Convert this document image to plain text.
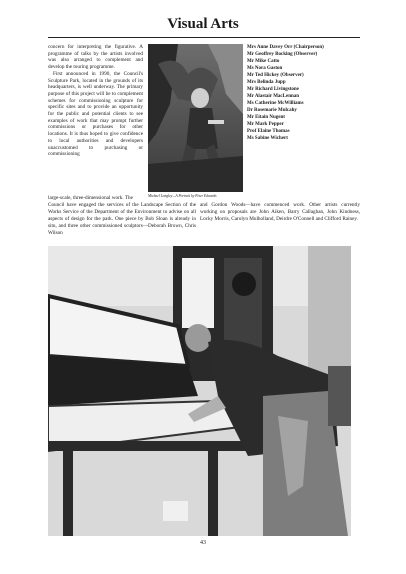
Visual Arts

concern for interpreting the figurative. A programme of talks by the artists involved was also arranged to complement and develop the touring programme.

First announced in 1990, the Council's Sculpture Park, located in the grounds of its headquarters, is well underway. The primary purpose of this project will be to complement schemes for commissioning sculpture for specific sites and to provide an opportunity for the public and potential clients to see examples of work that may prompt further commissions or purchases for other locations. It is thus hoped to give confidence to local authorities and developers unaccustomed to purchasing or commissioning

Michael Longley—A Portrait by Peter Edwards
Mrs Anne Davey Orr (Chairperson)
Mr Geoffrey Bocking (Observer)
Mr Mike Catto
Ms Nora Gaston
Mr Ted Hickey (Observer)
Mrs Belinda Jupp
Mr Richard Livingstone
Mr Alastair MacLennan
Ms Catherine McWilliams
Dr Rosemarie Mulcahy
Mr Eitain Nugent
Mr Mark Pepper
Prof Elaine Thomas
Ms Sabine Wichert
large-scale, three-dimensional work. The
Council have engaged the services of the Landscape Section of the Works Service of the Department of the Environment to advise on all aspects of design for the park. One piece by Bob Sloan is already in situ, and three other commissioned sculptors—Deborah Brown, Chris Wilson
and Gordon Woods—have commenced work. Other artists currently working on proposals are John Aiken, Barry Callaghan, John Kindness, Locky Morris, Carolyn Mulholland, Deirdre O'Connell and Clifford Rainey.
43
